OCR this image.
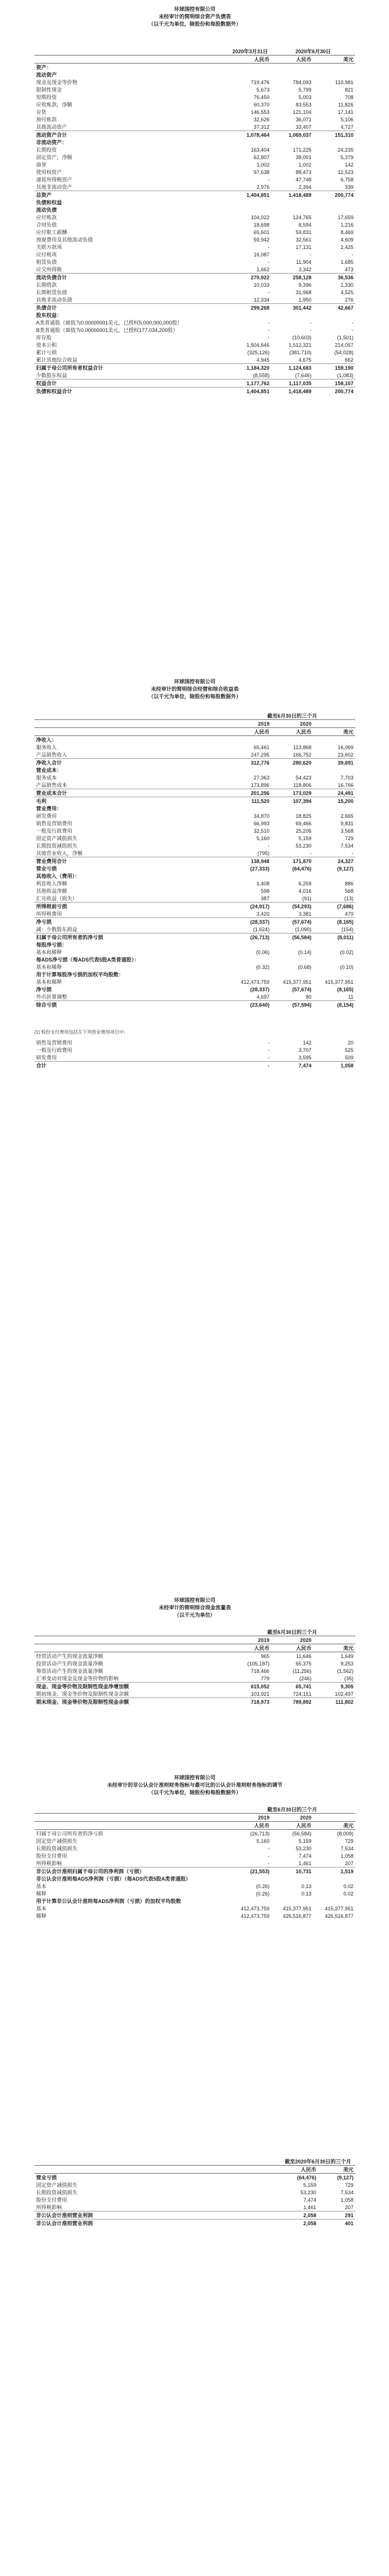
环球国控有限公司
未经审计的简明综合资产负债表
（以千元为单位，除股份和每股数据外）
	2020年3月31日	2020年6月30日	
	人民币	人民币	美元
资产：			
流动资产			
现金及现金等价物	719,476	784,093	110,981
限制性现金	5,673	5,799	821
短期投资	76,450	5,003	708
应收账款，净额	60,370	83,553	11,826
存货	146,553	121,104	17,141
预付账款	32,626	36,071	5,106
其他流动资产	37,312	33,407	4,727
流动资产合计	1,078,464	1,069,037	151,310
非流动资产：			
长期投资	163,404	171,225	24,235
固定资产，净额	62,807	38,001	5,379
商誉	1,002	1,002	142
使用权资产	97,638	88,473	12,523
递延所得税资产	-	47,748	6,758
其他非流动资产	2,976	2,394	339
总资产	1,404,851	1,418,489	200,774
负债和权益			
流动负债			
应付账款	104,022	124,765	17,659
合同负债	18,698	8,594	1,216
应付职工薪酬	65,601	59,831	8,469
预提费用及其他流动负债	59,942	32,561	4,609
关联方款项	-	17,131	2,425
应付税项	16,087	-	-
租赁负债	-	11,904	1,685
应交所得税	1,662	3,342	473
流动负债合计	270,922	258,128	36,536
长期借款	10,033	9,396	1,330
长期租赁负债	-	31,968	4,525
其他非流动负债	12,334	1,950	276
负债合计	299,268	301,442	42,667
股东权益：			
A类普通股（面值为0.00000001美元，已授权5,000,000,000股）	-	-	-
B类普通股（面值为0.00000001美元，已授权177,034,200股）	-	-	-
库存股	-	(10,603)	(1,501)
资本公积	1,504,646	1,512,321	214,057
累计亏损	(325,126)	(381,710)	(54,028)
累计其他综合收益	4,945	4,675	662
归属于母公司所有者权益合计	1,184,320	1,124,683	159,190
少数股东权益	(8,558)	(7,646)	(1,083)
权益合计	1,177,762	1,117,035	158,107
负债和权益合计	1,404,851	1,418,489	200,774
环球国控有限公司
未经审计的简明综合经营和综合收益表
（以千元为单位，除股份和每股数据外）
	截至6月30日的三个月		
	2019	2020	
	人民币	人民币	美元
净收入：			
服务收入	65,461	113,868	16,069
产品销售收入	247,295	166,752	23,602
净收入合计	312,776	280,620	39,691
营业成本：			
服务成本	27,363	54,423	7,703
产品销售成本	173,896	118,806	16,766
营业成本合计	201,256	173,029	24,491
毛利	111,520	107,394	15,200
营业费用：			
研发费用	34,870	18,825	2,665
销售及营销费用	66,993	69,466	9,831
一般及行政费用	32,510	25,206	3,568
固定资产减值损失	5,160	5,159	729
长期投资减值损失	-	53,230	7,534
其他营业收入，净额	(795)	-	-
营业费用合计	138,948	171,870	24,327
营业亏损	(27,333)	(64,476)	(9,127)
其他收入（费用）：			
利息收入净额	1,408	6,259	886
其他收益净额	598	4,016	568
汇兑收益（损失）	387	(91)	(13)
所得税前亏损	(24,917)	(54,293)	(7,686)
所得税费用	3,420	3,381	479
净亏损	(28,337)	(57,674)	(8,165)
减：少数股东损益	(1,624)	(1,090)	(154)
归属于母公司所有者的净亏损	(26,713)	(56,584)	(8,011)
每股净亏损：			
基本和稀释	(0.06)	(0.14)	(0.02)
每ADS净亏损（每ADS代表5股A类普通股）：			
基本和稀释	(0.32)	(0.68)	(0.10)
用于计算每股净亏损的加权平均股数：			
基本和稀释	412,473,759	415,377,951	415,377,951
净亏损	(28,337)	(57,674)	(8,165)
外币折算调整	4,697	80	11
综合亏损	(23,640)	(57,594)	(8,154)
(1) 股份支付费用包括在下列营业费用项目中：
销售及营销费用	-	142	20
一般及行政费用	-	3,707	525
研发费用	-	3,595	509
合计	-	7,474	1,058
环球国控有限公司
未经审计的简明综合现金流量表
（以千元为单位）
	截至6月30日的三个月		
	2019	2020	
	人民币	人民币	美元
经营活动产生的现金流量净额	965	11,646	1,649
投资活动产生的现金流量净额	(105,187)	65,375	9,253
筹资活动产生的现金流量净额	718,466	(11,256)	(1,562)
汇率变动对现金及现金等价物的影响	779	(246)	(35)
现金、现金等价物及限制性现金净增加额	615,052	65,741	9,305
期初现金、现金等价物及限制性现金余额	103,921	724,151	102,497
期末现金、现金等价物及限制性现金余额	718,973	789,892	111,802
环球国控有限公司
未经审计的非公认会计准则财务指标与最可比的公认会计准则财务指标的调节
（以千元为单位，除股份和每股数据外）
	截至6月30日的三个月		
	2019	2020	
	人民币	人民币	美元
归属于母公司所有者的净亏损	(26,713)	(56,584)	(8,009)
固定资产减值损失	5,160	5,159	729
长期投资减值损失	-	53,230	7,534
股份支付费用	-	7,474	1,058
所得税影响	-	1,461	207
非公认会计准则归属于母公司的净利润（亏损）	(21,553)	10,731	1,519
非公认会计准则每ADS净利润（亏损）（每ADS代表5股A类普通股）			
基本	(0.26)	0.13	0.02
稀释	(0.26)	0.13	0.02
用于计算非公认会计准则每ADS净利润（亏损）的加权平均股数			
基本	412,473,759	415,377,951	415,377,951
稀释	412,473,759	426,516,877	426,516,877
	截至2020年6月30日的三个月	
	人民币	美元
营业亏损	(64,476)	(9,127)
固定资产减值损失	5,159	729
长期投资减值损失	53,230	7,534
股份支付费用	7,474	1,058
所得税影响	1,461	207
非公认会计准则营业利润	2,058	291
非公认会计准则营业利润	2,058	401
